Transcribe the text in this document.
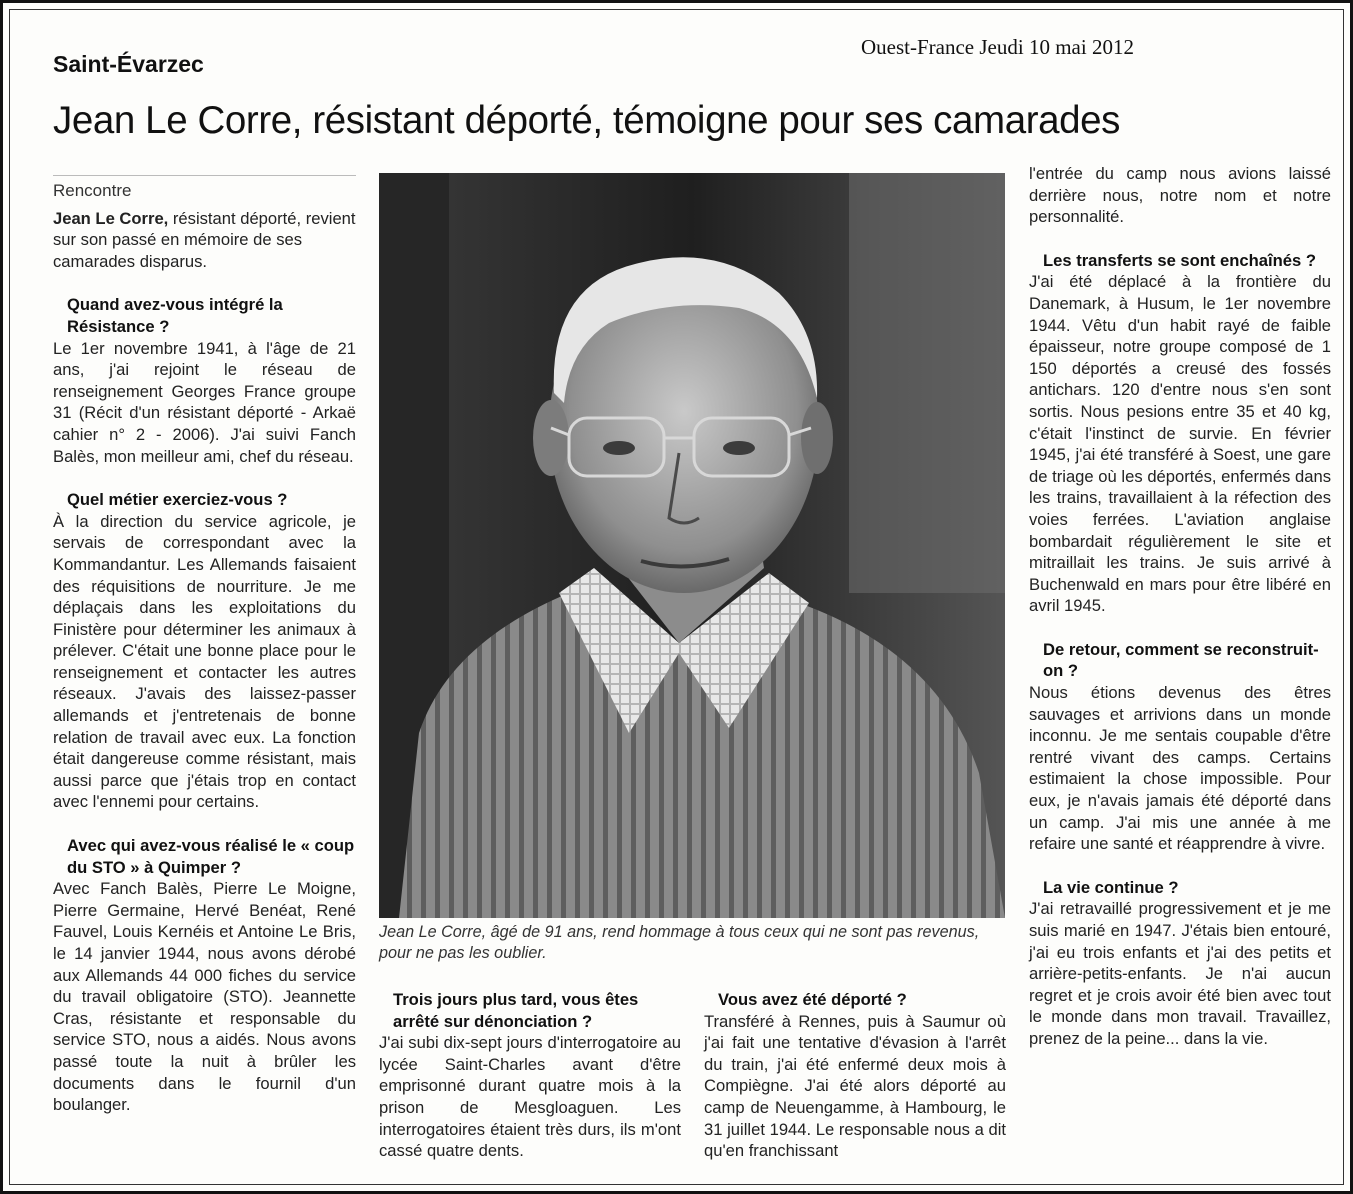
Ouest-France Jeudi 10 mai 2012
Saint-Évarzec
Jean Le Corre, résistant déporté, témoigne pour ses camarades
Rencontre

Jean Le Corre, résistant déporté, revient sur son passé en mémoire de ses camarades disparus.

Quand avez-vous intégré la Résistance ?

Le 1er novembre 1941, à l'âge de 21 ans, j'ai rejoint le réseau de renseignement Georges France groupe 31 (Récit d'un résistant déporté - Arkaë cahier n° 2 - 2006). J'ai suivi Fanch Balès, mon meilleur ami, chef du réseau.

Quel métier exerciez-vous ?

À la direction du service agricole, je servais de correspondant avec la Kommandantur. Les Allemands faisaient des réquisitions de nourriture. Je me déplaçais dans les exploitations du Finistère pour déterminer les animaux à prélever. C'était une bonne place pour le renseignement et contacter les autres réseaux. J'avais des laissez-passer allemands et j'entretenais de bonne relation de travail avec eux. La fonction était dangereuse comme résistant, mais aussi parce que j'étais trop en contact avec l'ennemi pour certains.

Avec qui avez-vous réalisé le « coup du STO » à Quimper ?

Avec Fanch Balès, Pierre Le Moigne, Pierre Germaine, Hervé Benéat, René Fauvel, Louis Kernéis et Antoine Le Bris, le 14 janvier 1944, nous avons dérobé aux Allemands 44 000 fiches du service du travail obligatoire (STO). Jeannette Cras, résistante et responsable du service STO, nous a aidés. Nous avons passé toute la nuit à brûler les documents dans le fournil d'un boulanger.

Jean Le Corre, âgé de 91 ans, rend hommage à tous ceux qui ne sont pas revenus, pour ne pas les oublier.

Trois jours plus tard, vous êtes arrêté sur dénonciation ?

J'ai subi dix-sept jours d'interrogatoire au lycée Saint-Charles avant d'être emprisonné durant quatre mois à la prison de Mesgloaguen. Les interrogatoires étaient très durs, ils m'ont cassé quatre dents.

Vous avez été déporté ?

Transféré à Rennes, puis à Saumur où j'ai fait une tentative d'évasion à l'arrêt du train, j'ai été enfermé deux mois à Compiègne. J'ai été alors déporté au camp de Neuengamme, à Hambourg, le 31 juillet 1944. Le responsable nous a dit qu'en franchissant

l'entrée du camp nous avions laissé derrière nous, notre nom et notre personnalité.

Les transferts se sont enchaînés ?

J'ai été déplacé à la frontière du Danemark, à Husum, le 1er novembre 1944. Vêtu d'un habit rayé de faible épaisseur, notre groupe composé de 1 150 déportés a creusé des fossés antichars. 120 d'entre nous s'en sont sortis. Nous pesions entre 35 et 40 kg, c'était l'instinct de survie. En février 1945, j'ai été transféré à Soest, une gare de triage où les déportés, enfermés dans les trains, travaillaient à la réfection des voies ferrées. L'aviation anglaise bombardait régulièrement le site et mitraillait les trains. Je suis arrivé à Buchenwald en mars pour être libéré en avril 1945.

De retour, comment se reconstruit-on ?

Nous étions devenus des êtres sauvages et arrivions dans un monde inconnu. Je me sentais coupable d'être rentré vivant des camps. Certains estimaient la chose impossible. Pour eux, je n'avais jamais été déporté dans un camp. J'ai mis une année à me refaire une santé et réapprendre à vivre.

La vie continue ?

J'ai retravaillé progressivement et je me suis marié en 1947. J'étais bien entouré, j'ai eu trois enfants et j'ai des petits et arrière-petits-enfants. Je n'ai aucun regret et je crois avoir été bien avec tout le monde dans mon travail. Travaillez, prenez de la peine... dans la vie.
